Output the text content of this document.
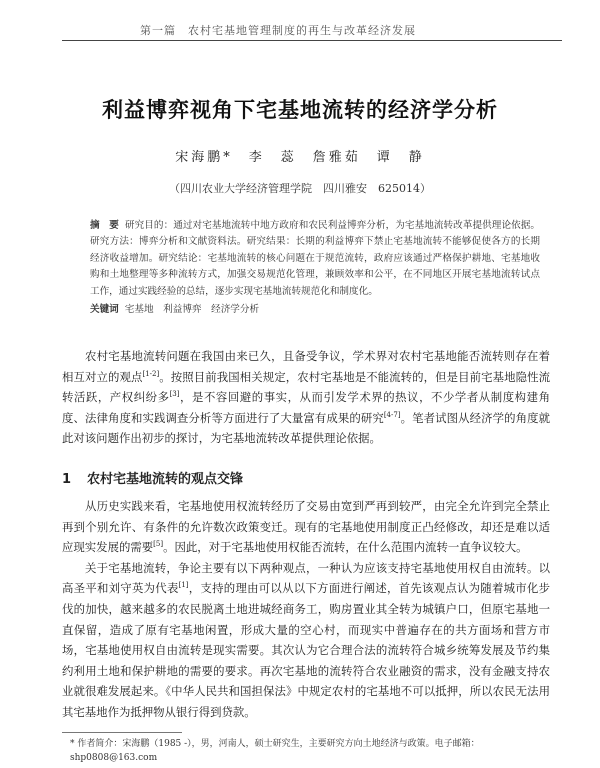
第一篇　农村宅基地管理制度的再生与改革经济发展
利益博弈视角下宅基地流转的经济学分析
宋海鹏*　李　蕊　詹雅茹　谭　静
（四川农业大学经济管理学院　四川雅安　625014）
摘　要 研究目的：通过对宅基地流转中地方政府和农民利益博弈分析，为宅基地流转改革提供理论依据。研究方法：博弈分析和文献资料法。研究结果：长期的利益博弈下禁止宅基地流转不能够促使各方的长期经济收益增加。研究结论：宅基地流转的核心问题在于规范流转，政府应该通过严格保护耕地、宅基地收购和土地整理等多种流转方式，加强交易规范化管理，兼顾效率和公平，在不同地区开展宅基地流转试点工作，通过实践经验的总结，逐步实现宅基地流转规范化和制度化。
关键词 宅基地　利益博弈　经济学分析

农村宅基地流转问题在我国由来已久，且备受争议，学术界对农村宅基地能否流转则存在着相互对立的观点[1-2]。按照目前我国相关规定，农村宅基地是不能流转的，但是目前宅基地隐性流转活跃，产权纠纷多[3]，是不容回避的事实，从而引发学术界的热议，不少学者从制度构建角度、法律角度和实践调查分析等方面进行了大量富有成果的研究[4-7]。笔者试图从经济学的角度就此对该问题作出初步的探讨，为宅基地流转改革提供理论依据。

1 农村宅基地流转的观点交锋

从历史实践来看，宅基地使用权流转经历了交易由宽到严再到较严，由完全允许到完全禁止再到个别允许、有条件的允许数次政策变迁。现有的宅基地使用制度正凸经修改，却还是难以适应现实发展的需要[5]。因此，对于宅基地使用权能否流转，在什么范围内流转一直争议较大。

关于宅基地流转，争论主要有以下两种观点，一种认为应该支持宅基地使用权自由流转。以高圣平和刘守英为代表[1]，支持的理由可以从以下方面进行阐述，首先该观点认为随着城市化步伐的加快，越来越多的农民脱离土地进城经商务工，购房置业其全转为城镇户口，但原宅基地一直保留，造成了原有宅基地闲置，形成大量的空心村，而现实中普遍存在的共方面场和营方市场，宅基地使用权自由流转是现实需要。其次认为它合理合法的流转符合城乡统筹发展及节约集约利用土地和保护耕地的需要的要求。再次宅基地的流转符合农业融资的需求，没有金融支持农业就很难发展起来。《中华人民共和国担保法》中规定农村的宅基地不可以抵押，所以农民无法用其宅基地作为抵押物从银行得到贷款。

* 作者简介：宋海鹏（1985 -），男，河南人，硕士研究生，主要研究方向土地经济与政策。电子邮箱：shp0808@163.com
